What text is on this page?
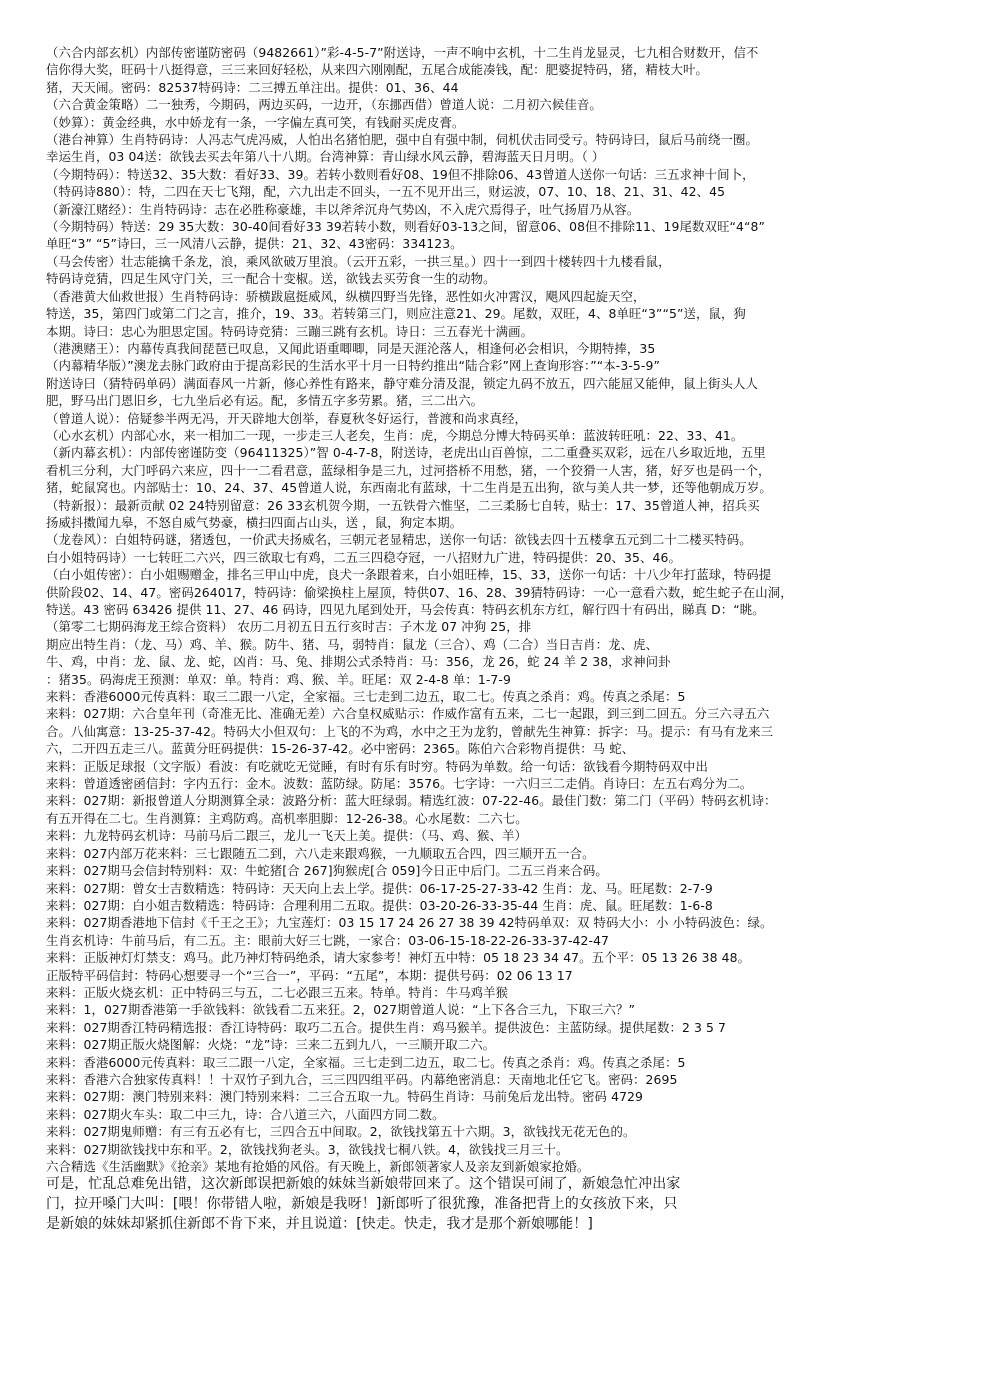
（六合内部玄机）内部传密谨防密码（9482661）”彩-4-5-7”附送诗，一声不响中玄机，十二生肖龙显灵，七九相合财数开，信不
信你得大奖，旺码十八挺得意，三三来回好轻松，从来四六刚刚配，五尾合成能凑钱，配：肥婆捉特码，猪，精枝大叶。
猪，天天闹。密码：82537特码诗：二三搏五单注出。提供：01、36、44
（六合黄金策略）二一独秀，今期码，两边买码，一边开，（东挪西借）曾道人说：二月初六候佳音。
（妙算）：黄金经典，水中娇龙有一条，一字偏左真可笑，有钱耐买虎皮膏。
（港台神算）生肖特码诗：人冯志气虎冯威，人怕出名猪怕肥，强中自有强中制，伺机伏击同受亏。特码诗曰，鼠后马前绕一圈。
幸运生肖，03 04送：欲钱去买去年第八十八期。台湾神算：青山绿水风云静，碧海蓝天日月明。（ ）
（今期特码）：特送32、35大数：看好33、39。若转小数则看好08、19但不排除06、43曾道人送你一句话：三五求神十间卜，
（特码诗880）：特，二四在天七飞翔，配，六九出走不回头，一五不见开出三，财运波，07、10、18、21、31、42、45
（新濠江赌经）：生肖特码诗：志在必胜称豪雄，丰以斧斧沉舟气势凶，不入虎穴焉得子，吐气扬眉乃从容。
（今期特码）特送：29 35大数：30-40间看好33 39若转小数，则看好03-13之间，留意06、08但不排除11、19尾数双旺“4“8”
单旺“3” “5”诗曰，三一风清八云静，提供：21、32、43密码：334123。
（马会传密）壮志能擒千条龙，浪，乘风欲破万里浪。（云开五彩，一拱三星。）四十一到四十楼转四十九楼看鼠，
特码诗竞猜，四足生风守门关，三一配合十变椒。送，欲钱去买劳食一生的动物。
（香港黄大仙救世报）生肖特码诗：骄横跋扈挺威风，纵横四野当先锋，恶性如火冲霄汉，飓风四起旋天空，
特送，35，第四门或第二门之言，推介，19、33。若转第三门，则应注意21、29。尾数，双旺，4、8单旺“3”“5”送，鼠，狗
本期。诗曰：忠心为胆思定国。特码诗竞猜：三蹦三跳有玄机。诗日：三五春光十满画。
（港澳赌王）：内幕传真我间琵琶已叹息，又闻此语重唧唧，同是天涯沦落人，相逢何必会相识，今期特捧，35
（内幕精华版）”澳龙去脉门政府由于提高彩民的生活水平十月一日特约推出“陆合彩”网上查询形容：”“本-3-5-9”
附送诗曰（猜特码单码）满面春风一片新，修心养性有路来，静守难分清及混，锁定九码不放五，四六能屈又能伸，鼠上街头人人
肥，野马出门恩旧乡，七九坐后必有运。配，多情五字多劳累。猪，三二出六。
（曾道人说）：倍疑参半两无冯，开天辟地大创举，春夏秋冬好运行，普渡和尚求真经，
（心水玄机）内部心水，来一相加二一现，一步走三人老矣，生肖：虎，今期总分博大特码买单：蓝波转旺吼：22、33、41。
（新内幕玄机）：内部传密谨防变（96411325）”智 0-4-7-8，附送诗，老虎出山百兽惊，二二重叠买双彩，远在八乡取近地，五里
看机三分利，大门呼码六来应，四十一二看君意，蓝绿相争是三九，过河搭桥不用愁，猪，一个狡猾一人害，猪，好歹也是码一个，
猪，蛇鼠窝也。内部贴士：10、24、37、45曾道人说，东西南北有蓝球，十二生肖是五出狗，欲与美人共一梦，还等他朝成万岁。
（特新报）：最新贡献 02 24特别留意：26 33玄机贺今期，一五铁骨六惟坚，二三柔肠七自转，贴士：17、35曾道人神，招兵买
扬威抖擞闻九皋，不怒自威气势豪，横扫四面占山头，送 ，鼠，狗定本期。
（龙卷风）：白姐特码谜，猪透包，一价武夫扬威名，三朝元老显精忠，送你一句话：欲钱去四十五楼拿五元到二十二楼买特码。
白小姐特码诗）一七转旺二六兴，四三欲取七有鸡，二五三四稳夺冠，一八招财九广进，特码提供：20、35、46。
（白小姐传密）：白小姐赐赠金，排名三甲山中虎，良犬一条跟着来，白小姐旺棒，15、33，送你一句话：十八少年打蓝球，特码提
供阶段02、14、47。密码264017，特码诗：偷梁换柱上屋顶，特供07、16、28、39猜特码诗：一心一意看六数，蛇生蛇子在山洞，
特送。43 密码 63426 提供 11、27、46 码诗，四见九尾到处开，马会传真：特码玄机东方红，解行四十有码出，睇真 D：“眺。
（第零二七期码海龙王综合资料） 农历二月初五日五行亥时吉：子木龙 07 冲狗 25，排
期应出特生肖：（龙、马）鸡、羊、猴。防牛、猪、马，弱特肖：鼠龙（三合）、鸡（二合）当日吉肖：龙、虎、
牛、鸡，中肖：龙、鼠、龙、蛇，凶肖：马、兔、排期公式杀特肖：马：356，龙 26，蛇 24 羊 2 38，求神问卦
：猪35。码海虎王预测：单双：单。特肖：鸡、猴、羊。旺尾：双 2-4-8 单：1-7-9
来料：香港6000元传真料：取三二跟一八定，全家福。三七走到二边五，取二七。传真之杀肖：鸡。传真之杀尾：5
来料：027期：六合皇年刊（奇准无比、准确无差）六合皇权威贴示：作威作富有五来，二七一起跟，到三到二回五。分三六寻五六
合。八仙寓意：13-25-37-42。特码大小但双句：上飞的不为鸡，水中之王为龙豹，曾献先生神算：拆字：马。提示：有马有龙来三
六，二开四五走三八。蓝黄分旺码提供：15-26-37-42。必中密码：2365。陈伯六合彩物肖提供：马 蛇、
来料：正版足球报（文字版）看波：有吃就吃无觉睡，有时有乐有时穷。特码为单数。给一句话：欲钱看今期特码双中出
来料：曾道透密函信封：字内五行：金木。波数：蓝防绿。防尾：3576。七字诗：一六归三二走俏。肖诗曰：左五右鸡分为二。
来料：027期：新报曾道人分期测算全录：波路分析：蓝大旺绿弱。精选红波：07-22-46。最佳门数：第二门（平码）特码玄机诗：
有五开得在二七。生肖测算：主鸡防鸡。高机率胆脚：12-26-38。心水尾数：二六七。
来料：九龙特码玄机诗：马前马后二跟三，龙儿一飞天上美。提供：（马、鸡、猴、羊）
来料：027内部万花来料：三七跟随五二到，六八走来跟鸡猴，一九顺取五合四，四三顺开五一合。
来料：027期马会信封特别料：双：牛蛇猪[合 267]狗猴虎[合 059]今日正中后门。二五三肖来合码。
来料：027期：曾女士吉数精选：特码诗：天天向上去上学。提供：06-17-25-27-33-42 生肖：龙、马。旺尾数：2-7-9
来料：027期：白小姐吉数精选：特码诗：合理利用二五取。提供：03-20-26-33-35-44 生肖：虎、鼠。旺尾数：1-6-8
来料：027期香港地下信封《千王之王》；九宝莲灯：03 15 17 24 26 27 38 39 42特码单双：双 特码大小：小 小特码波色：绿。
生肖玄机诗：牛前马后，有二五。主：眼前大好三七跳，一家合：03-06-15-18-22-26-33-37-42-47
来料：正版神灯灯禁支：鸡马。此乃神灯特码绝杀，请大家参考！神灯五中特：05 18 23 34 47。五个平：05 13 26 38 48。
正版特平码信封：特码心想要寻一个“三合一”，平码：“五尾”，本期：提供号码：02 06 13 17
来料：正版火烧玄机：正中特码三与五，二七必跟三五来。特单。特肖：牛马鸡羊猴
来料：1，027期香港第一手欲钱料：欲钱看二五来狂。2，027期曾道人说：“上下各合三九，下取三六？”
来料：027期香江特码精选报：香江诗特码：取巧二五合。提供生肖：鸡马猴羊。提供波色：主蓝防绿。提供尾数：2 3 5 7
来料：027期正版火烧图解：火烧：“龙”诗：三来二五到九八，一三顺开取二六。
来料：香港6000元传真料：取三二跟一八定，全家福。三七走到二边五，取二七。传真之杀肖：鸡。传真之杀尾：5
来料：香港六合独家传真料！！十双竹子到九合，三三四四组平码。内幕绝密消息：天南地北任它飞。密码：2695
来料：027期：澳门特别来料：澳门特别来料：二三合五取一九。特码生肖诗：马前兔后龙出特。密码 4729
来料：027期火车头：取二中三九，诗：合八道三六，八面四方同二数。
来料：027期鬼师赠：有三有五必有七，三四合五中间取。2，欲钱找第五十六期。3，欲钱找无花无色的。
来料：027期欲钱找中东和平。2，欲钱找狗老头。3，欲钱找七桐八铁。4，欲钱找三月三十。
六合精选《生活幽默》《抢亲》某地有抢婚的风俗。有天晚上，新郎领著家人及亲友到新娘家抢婚。
可是，忙乱总难免出错，这次新郎误把新娘的妹妹当新娘带回来了。这个错误可闹了，新娘急忙冲出家
门，拉开嗓门大叫：[喂！你带错人啦，新娘是我呀！]新郎听了很犹豫，准备把背上的女孩放下来，只
是新娘的妹妹却紧抓住新郎不肯下来，并且说道：[快走。快走，我才是那个新娘哪能！]
